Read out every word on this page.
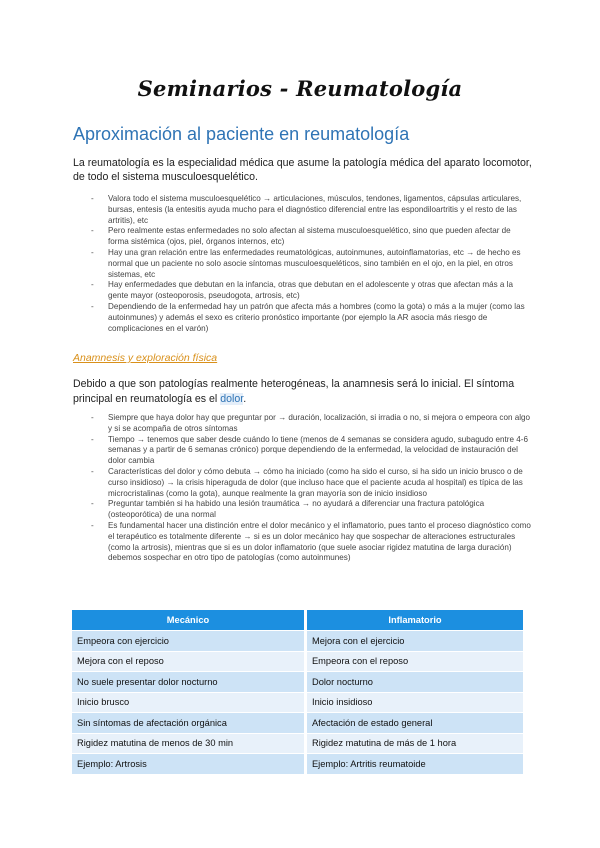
Seminarios - Reumatología
Aproximación al paciente en reumatología
La reumatología es la especialidad médica que asume la patología médica del aparato locomotor, de todo el sistema musculoesquelético.
- Valora todo el sistema musculoesquelético → articulaciones, músculos, tendones, ligamentos, cápsulas articulares, bursas, entesis (la entesitis ayuda mucho para el diagnóstico diferencial entre las espondiloartritis y el resto de las artritis), etc
- Pero realmente estas enfermedades no solo afectan al sistema musculoesquelético, sino que pueden afectar de forma sistémica (ojos, piel, órganos internos, etc)
- Hay una gran relación entre las enfermedades reumatológicas, autoinmunes, autoinflamatorias, etc → de hecho es normal que un paciente no solo asocie síntomas musculoesqueléticos, sino también en el ojo, en la piel, en otros sistemas, etc
- Hay enfermedades que debutan en la infancia, otras que debutan en el adolescente y otras que afectan más a la gente mayor (osteoporosis, pseudogota, artrosis, etc)
- Dependiendo de la enfermedad hay un patrón que afecta más a hombres (como la gota) o más a la mujer (como las autoinmunes) y además el sexo es criterio pronóstico importante (por ejemplo la AR asocia más riesgo de complicaciones en el varón)
Anamnesis y exploración física
Debido a que son patologías realmente heterogéneas, la anamnesis será lo inicial. El síntoma principal en reumatología es el dolor.
- Siempre que haya dolor hay que preguntar por → duración, localización, si irradia o no, si mejora o empeora con algo y si se acompaña de otros síntomas
- Tiempo → tenemos que saber desde cuándo lo tiene (menos de 4 semanas se considera agudo, subagudo entre 4-6 semanas y a partir de 6 semanas crónico) porque dependiendo de la enfermedad, la velocidad de instauración del dolor cambia
- Características del dolor y cómo debuta → cómo ha iniciado (como ha sido el curso, si ha sido un inicio brusco o de curso insidioso) → la crisis hiperaguda de dolor (que incluso hace que el paciente acuda al hospital) es típica de las microcristalinas (como la gota), aunque realmente la gran mayoría son de inicio insidioso
- Preguntar también si ha habido una lesión traumática → no ayudará a diferenciar una fractura patológica (osteoporótica) de una normal
- Es fundamental hacer una distinción entre el dolor mecánico y el inflamatorio, pues tanto el proceso diagnóstico como el terapéutico es totalmente diferente → si es un dolor mecánico hay que sospechar de alteraciones estructurales (como la artrosis), mientras que si es un dolor inflamatorio (que suele asociar rigidez matutina de larga duración) debemos sospechar en otro tipo de patologías (como autoinmunes)
Mecánico	Inflamatorio
Empeora con ejercicio	Mejora con el ejercicio
Mejora con el reposo	Empeora con el reposo
No suele presentar dolor nocturno	Dolor nocturno
Inicio brusco	Inicio insidioso
Sin síntomas de afectación orgánica	Afectación de estado general
Rigidez matutina de menos de 30 min	Rigidez matutina de más de 1 hora
Ejemplo: Artrosis	Ejemplo: Artritis reumatoide
